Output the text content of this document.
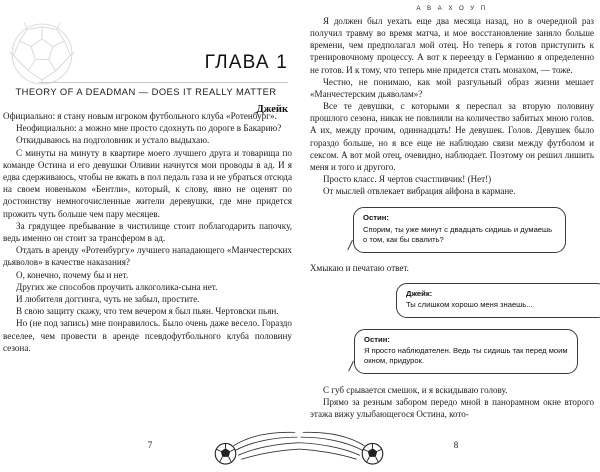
ГЛАВА 1
THEORY OF A DEADMAN — DOES IT REALLY MATTER
Джейк

Официально: я стану новым игроком футбольного клуба «Ротенбург».

Неофициально: а можно мне просто сдохнуть по дороге в Бакарию?

Откидываюсь на подголовник и устало выдыхаю.

С минуты на минуту в квартире моего лучшего друга и товарища по команде Остина и его девушки Оливии начнутся мои проводы в ад. И я едва сдерживаюсь, чтобы не вжать в пол педаль газа и не убраться отсюда на своем новеньком «Бентли», который, к слову, явно не оценят по достоинству немногочисленные жители деревушки, где мне придется прожить чуть больше чем пару месяцев.

За грядущее пребывание в чистилище стоит поблагодарить папочку, ведь именно он стоит за трансфером в ад.

Отдать в аренду «Ротенбургу» лучшего нападающего «Манчестерских дьяволов» в качестве наказания?

О, конечно, почему бы и нет.

Других же способов проучить алкоголика-сына нет.

И любителя доггинга, чуть не забыл, простите.

В свою защиту скажу, что тем вечером я был пьян. Чертовски пьян.

Но (не под запись) мне понравилось. Было очень даже весело. Гораздо веселее, чем провести в аренде псевдофутбольного клуба половину сезона.

7
А В А Х О У П

Я должен был уехать еще два месяца назад, но в очередной раз получил травму во время матча, и мое восстановление заняло больше времени, чем предполагал мой отец. Но теперь я готов приступить к тренировочному процессу. А вот к переезду в Германию я определенно не готов. И к тому, что теперь мне придется стать монахом, — тоже.

Честно, не понимаю, как мой разгульный образ жизни мешает «Манчестерским дьяволам»?

Все те девушки, с которыми я переспал за вторую половину прошлого сезона, никак не повлияли на количество забитых мною голов. А их, между прочим, одиннадцать! Не девушек. Голов. Девушек было гораздо больше, но я все еще не наблюдаю связи между футболом и сексом. А вот мой отец, очевидно, наблюдает. Поэтому он решил лишить меня и того и другого.

Просто класс. Я чертов счастливчик! (Нет!)

От мыслей отвлекает вибрация айфона в кармане.

Остин:
Спорим, ты уже минут с двадцать сидишь и думаешь о том, как бы свалить?

Хмыкаю и печатаю ответ.

Джейк:
Ты слишком хорошо меня знаешь...
Остин:
Я просто наблюдателен. Ведь ты сидишь так перед моим окном, придурок.

С губ срывается смешок, и я вскидываю голову.

Прямо за резным забором передо мной в панорамном окне второго этажа вижу улыбающегося Остина, кото-

8
